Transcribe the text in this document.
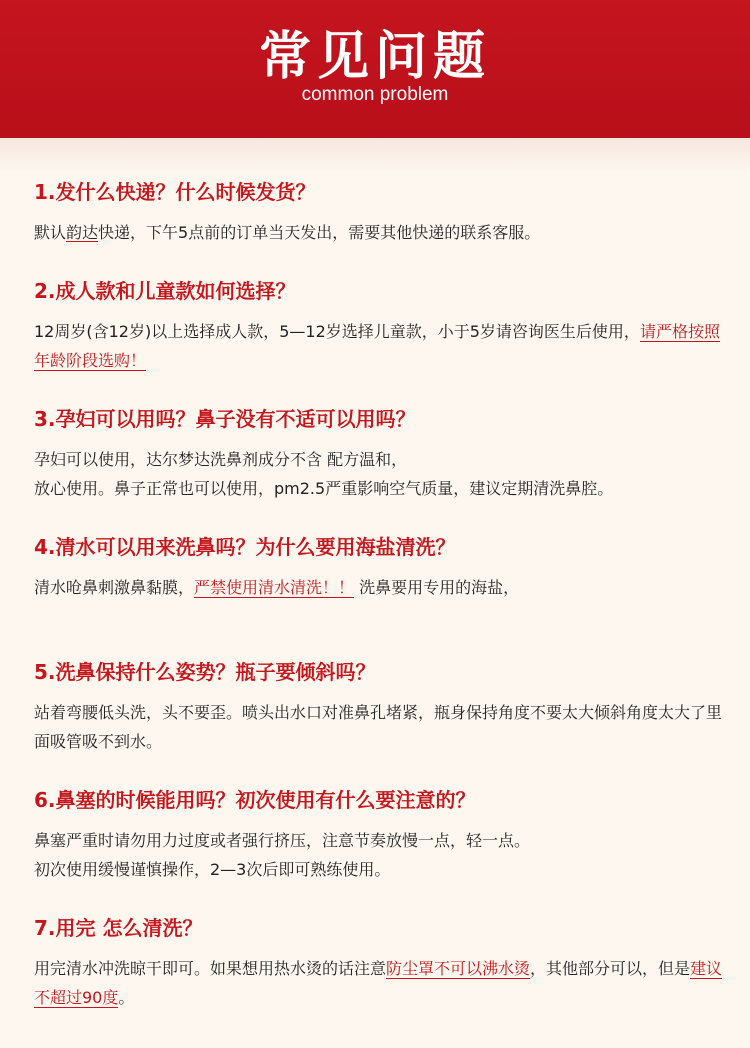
常见问题
common problem
1.发什么快递？什么时候发货？
默认韵达快递，下午5点前的订单当天发出，需要其他快递的联系客服。
2.成人款和儿童款如何选择？
12周岁(含12岁)以上选择成人款，5—12岁选择儿童款，小于5岁请咨询医生后使用，请严格按照年龄阶段选购！
3.孕妇可以用吗？鼻子没有不适可以用吗？
孕妇可以使用，达尔梦达洗鼻剂成分不含 配方温和，
放心使用。鼻子正常也可以使用，pm2.5严重影响空气质量，建议定期清洗鼻腔。
4.清水可以用来洗鼻吗？为什么要用海盐清洗？
清水呛鼻刺激鼻黏膜，严禁使用清水清洗！！ 洗鼻要用专用的海盐，
5.洗鼻保持什么姿势？瓶子要倾斜吗？
站着弯腰低头洗，头不要歪。喷头出水口对准鼻孔堵紧，瓶身保持角度不要太大倾斜角度太大了里面吸管吸不到水。
6.鼻塞的时候能用吗？初次使用有什么要注意的？
鼻塞严重时请勿用力过度或者强行挤压，注意节奏放慢一点，轻一点。
初次使用缓慢谨慎操作，2—3次后即可熟练使用。
7.用完 怎么清洗？
用完清水冲洗晾干即可。如果想用热水烫的话注意防尘罩不可以沸水烫，其他部分可以，但是建议不超过90度。
